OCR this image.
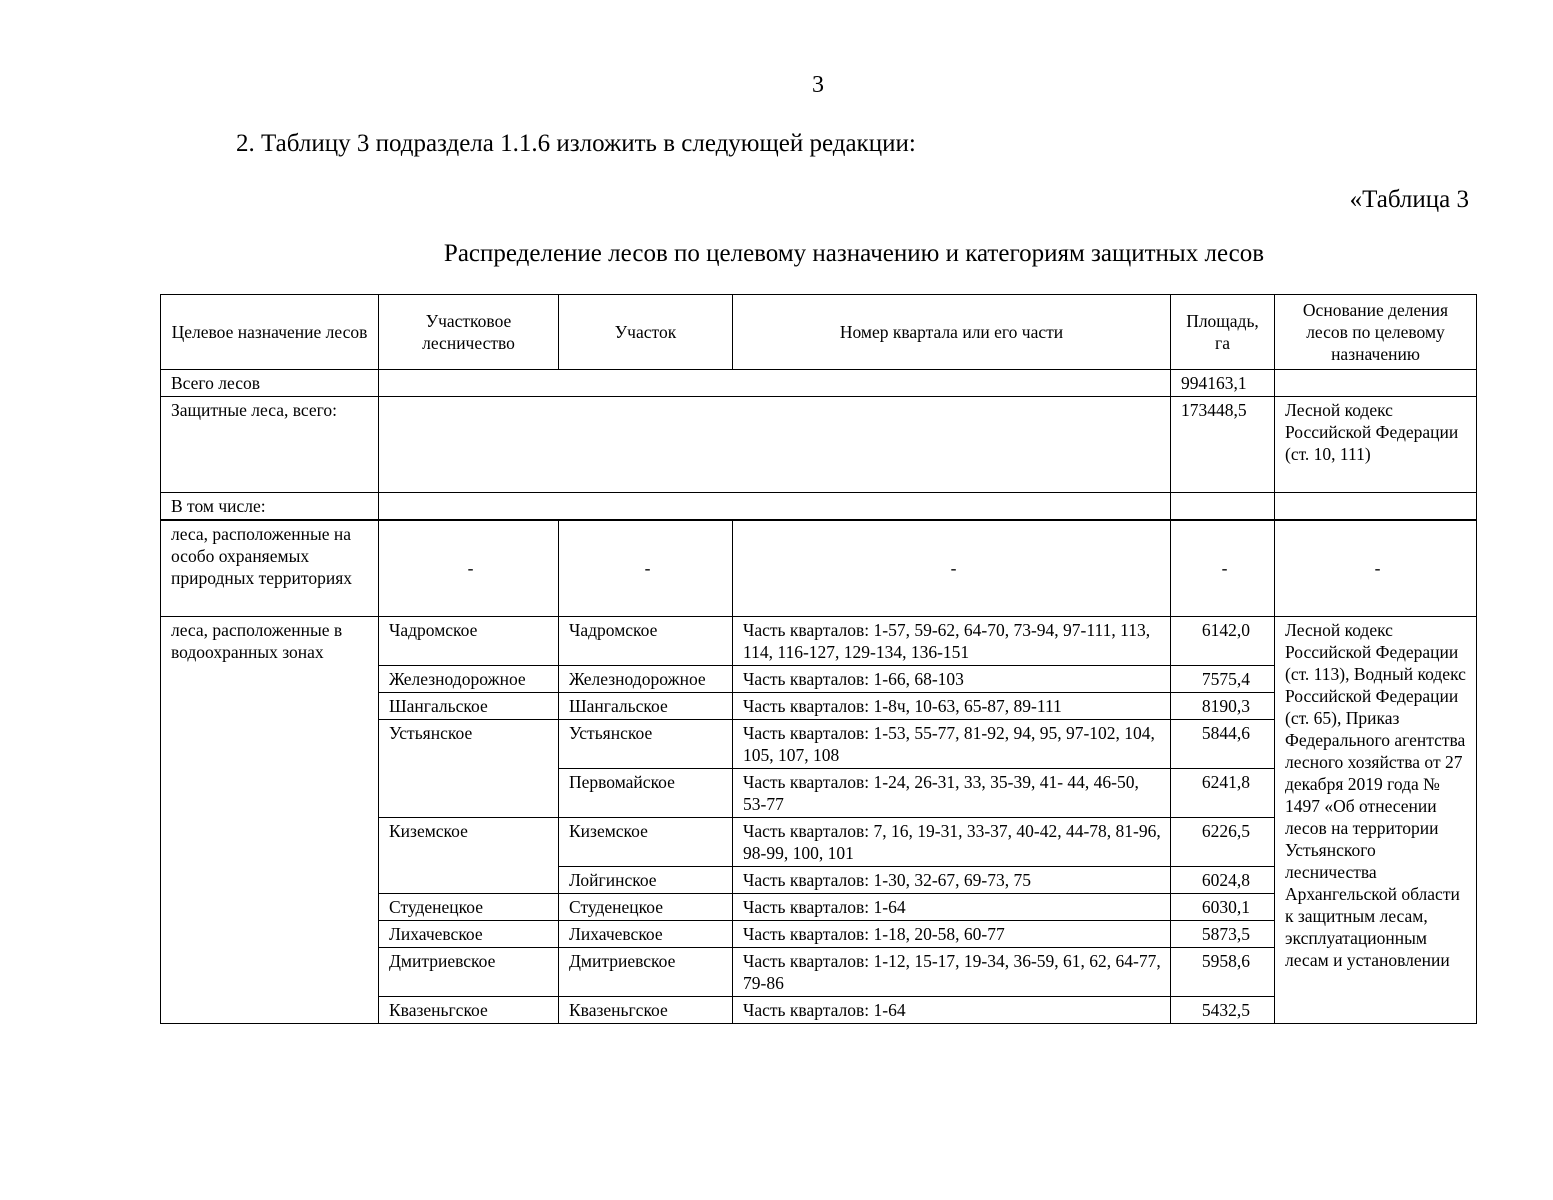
3
2. Таблицу 3 подраздела 1.1.6 изложить в следующей редакции:
«Таблица 3
Распределение лесов по целевому назначению и категориям защитных лесов
Целевое назначение лесов	Участковое лесничество	Участок	Номер квартала или его части	Площадь, га	Основание деления лесов по целевому назначению
Всего лесов				994163,1	
Защитные леса, всего:				173448,5	Лесной кодекс Российской Федерации (ст. 10, 111)
В том числе:					
леса, расположенные на особо охраняемых природных территориях	-	-	-	-	-
леса, расположенные в водоохранных зонах	Чадромское	Чадромское	Часть кварталов: 1-57, 59-62, 64-70, 73-94, 97-111, 113, 114, 116-127, 129-134, 136-151	6142,0	Лесной кодекс Российской Федерации (ст. 113), Водный кодекс Российской Федерации (ст. 65), Приказ Федерального агентства лесного хозяйства от 27 декабря 2019 года № 1497 «Об отнесении лесов на территории Устьянского лесничества Архангельской области к защитным лесам, эксплуатационным лесам и установлении
	Железнодорожное	Железнодорожное	Часть кварталов: 1-66, 68-103	7575,4	
	Шангальское	Шангальское	Часть кварталов: 1-8ч, 10-63, 65-87, 89-111	8190,3	
	Устьянское	Устьянское	Часть кварталов: 1-53, 55-77, 81-92, 94, 95, 97-102, 104, 105, 107, 108	5844,6	
		Первомайское	Часть кварталов: 1-24, 26-31, 33, 35-39, 41- 44, 46-50, 53-77	6241,8	
	Киземское	Киземское	Часть кварталов: 7, 16, 19-31, 33-37, 40-42, 44-78, 81-96, 98-99, 100, 101	6226,5	
		Лойгинское	Часть кварталов: 1-30, 32-67, 69-73, 75	6024,8	
	Студенецкое	Студенецкое	Часть кварталов: 1-64	6030,1	
	Лихачевское	Лихачевское	Часть кварталов: 1-18, 20-58, 60-77	5873,5	
	Дмитриевское	Дмитриевское	Часть кварталов: 1-12, 15-17, 19-34, 36-59, 61, 62, 64-77, 79-86	5958,6	
	Квазеньгское	Квазеньгское	Часть кварталов: 1-64	5432,5	
